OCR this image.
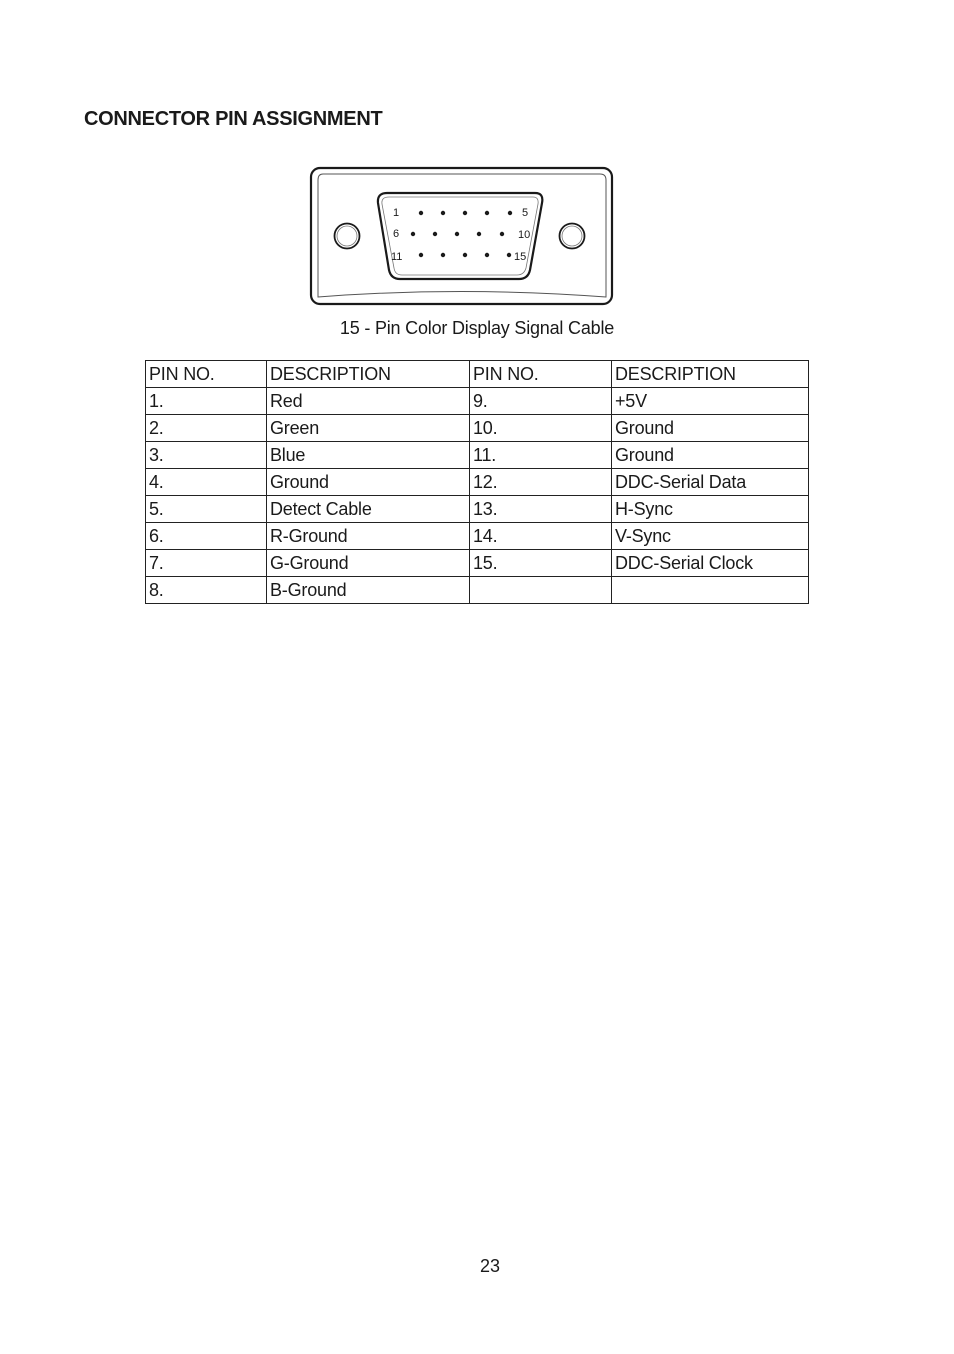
CONNECTOR PIN ASSIGNMENT
1	5
6	10
11	15
15 - Pin Color Display Signal Cable
PIN NO.	DESCRIPTION	PIN NO.	DESCRIPTION
1.	Red	9.	+5V
2.	Green	10.	Ground
3.	Blue	11.	Ground
4.	Ground	12.	DDC-Serial Data
5.	Detect Cable	13.	H-Sync
6.	R-Ground	14.	V-Sync
7.	G-Ground	15.	DDC-Serial Clock
8.	B-Ground		
23
